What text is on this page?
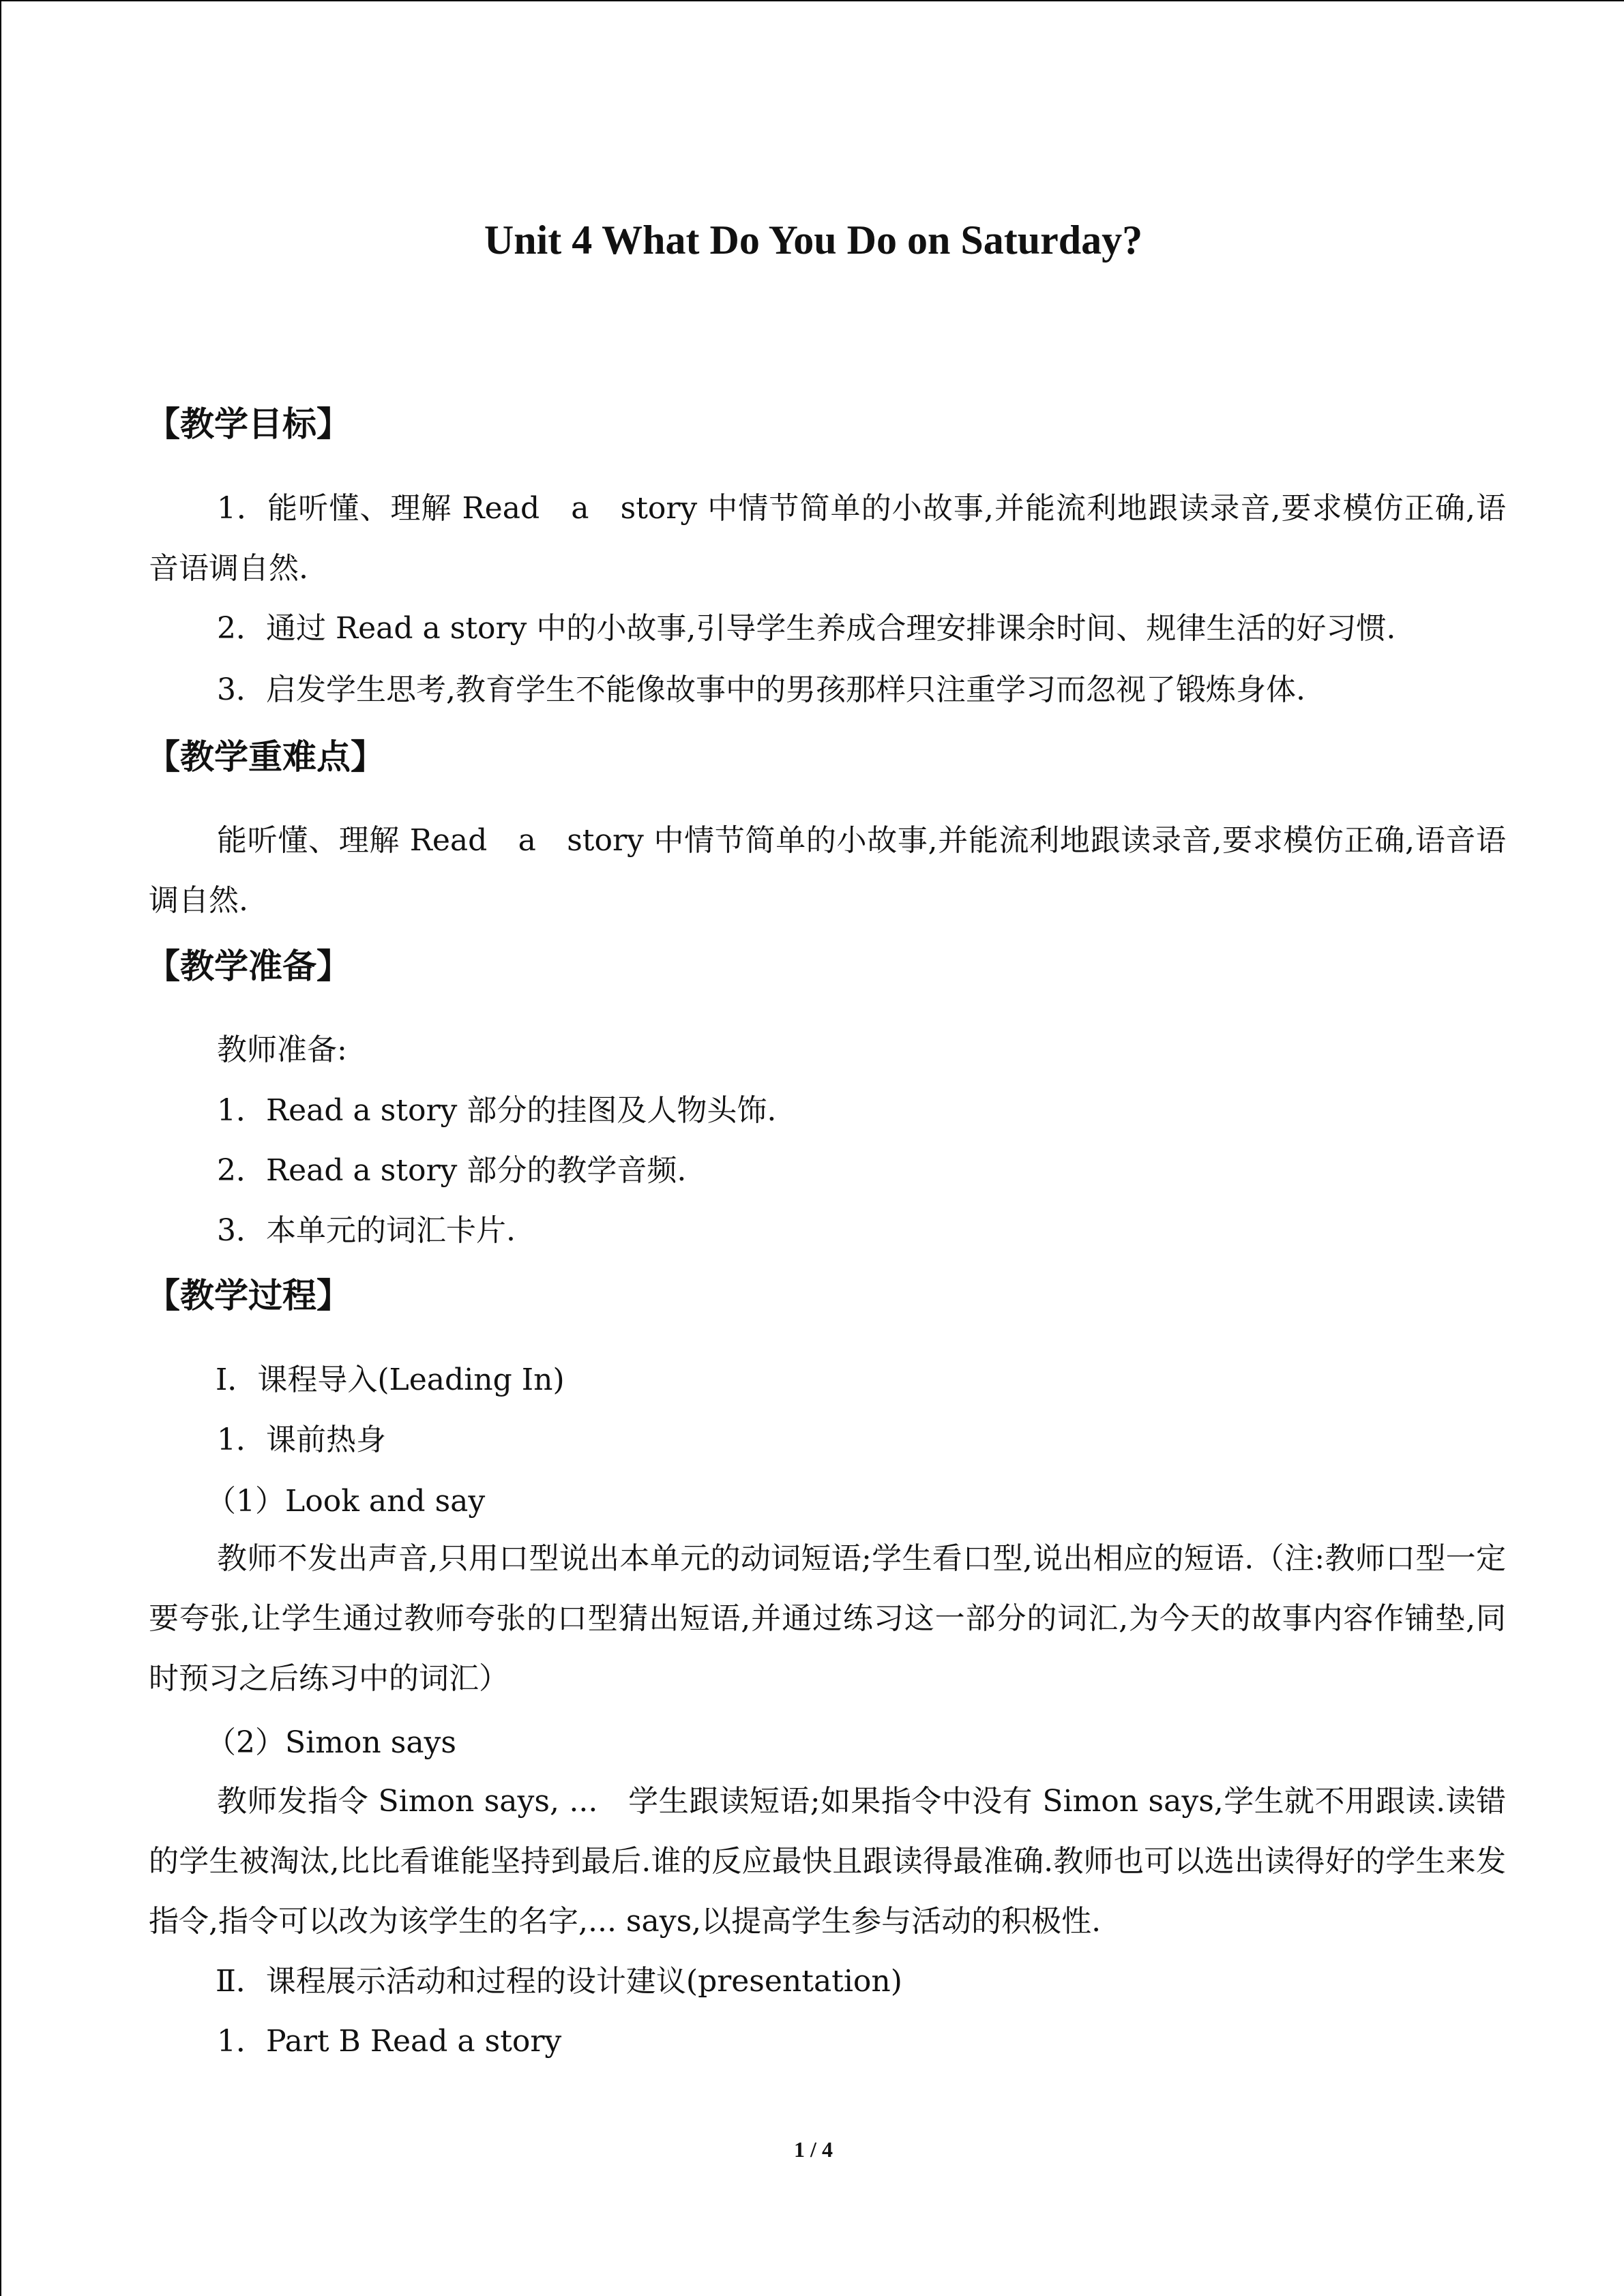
Unit 4 What Do You Do on Saturday?
【教学目标】
1．能听懂、理解 Read　a　story 中情节简单的小故事,并能流利地跟读录音,要求模仿正确,语音语调自然.
2．通过 Read a story 中的小故事,引导学生养成合理安排课余时间、规律生活的好习惯.
3．启发学生思考,教育学生不能像故事中的男孩那样只注重学习而忽视了锻炼身体.
【教学重难点】
能听懂、理解 Read　a　story 中情节简单的小故事,并能流利地跟读录音,要求模仿正确,语音语调自然.
【教学准备】
教师准备:
1．Read a story 部分的挂图及人物头饰.
2．Read a story 部分的教学音频.
3．本单元的词汇卡片.
【教学过程】
Ⅰ．课程导入(Leading In)
1．课前热身
（1）Look and say
教师不发出声音,只用口型说出本单元的动词短语;学生看口型,说出相应的短语.（注:教师口型一定要夸张,让学生通过教师夸张的口型猜出短语,并通过练习这一部分的词汇,为今天的故事内容作铺垫,同时预习之后练习中的词汇）
（2）Simon says
教师发指令 Simon says, ...　学生跟读短语;如果指令中没有 Simon says,学生就不用跟读.读错的学生被淘汰,比比看谁能坚持到最后.谁的反应最快且跟读得最准确.教师也可以选出读得好的学生来发指令,指令可以改为该学生的名字,... says,以提高学生参与活动的积极性.
Ⅱ．课程展示活动和过程的设计建议(presentation)
1．Part B Read a story
1 / 4
